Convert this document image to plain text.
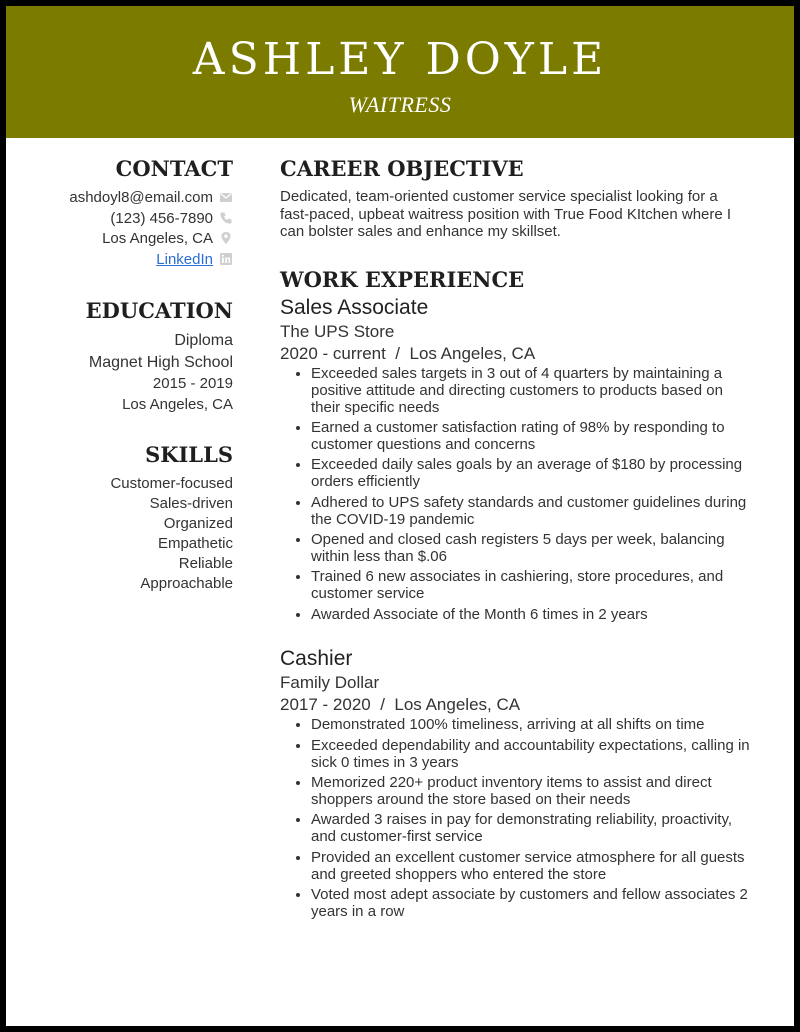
ASHLEY DOYLE
WAITRESS
CONTACT
ashdoyl8@email.com
(123) 456-7890
Los Angeles, CA
LinkedIn
EDUCATION
Diploma
Magnet High School
2015 - 2019
Los Angeles, CA
SKILLS
Customer-focused
Sales-driven
Organized
Empathetic
Reliable
Approachable
CAREER OBJECTIVE

Dedicated, team-oriented customer service specialist looking for a fast-paced, upbeat waitress position with True Food KItchen where I can bolster sales and enhance my skillset.

WORK EXPERIENCE
Sales Associate
The UPS Store
2020 - current  /  Los Angeles, CA
• Exceeded sales targets in 3 out of 4 quarters by maintaining a positive attitude and directing customers to products based on their specific needs
• Earned a customer satisfaction rating of 98% by responding to customer questions and concerns
• Exceeded daily sales goals by an average of $180 by processing orders efficiently
• Adhered to UPS safety standards and customer guidelines during the COVID-19 pandemic
• Opened and closed cash registers 5 days per week, balancing within less than $.06
• Trained 6 new associates in cashiering, store procedures, and customer service
• Awarded Associate of the Month 6 times in 2 years
Cashier
Family Dollar
2017 - 2020  /  Los Angeles, CA
• Demonstrated 100% timeliness, arriving at all shifts on time
• Exceeded dependability and accountability expectations, calling in sick 0 times in 3 years
• Memorized 220+ product inventory items to assist and direct shoppers around the store based on their needs
• Awarded 3 raises in pay for demonstrating reliability, proactivity, and customer-first service
• Provided an excellent customer service atmosphere for all guests and greeted shoppers who entered the store
• Voted most adept associate by customers and fellow associates 2 years in a row
